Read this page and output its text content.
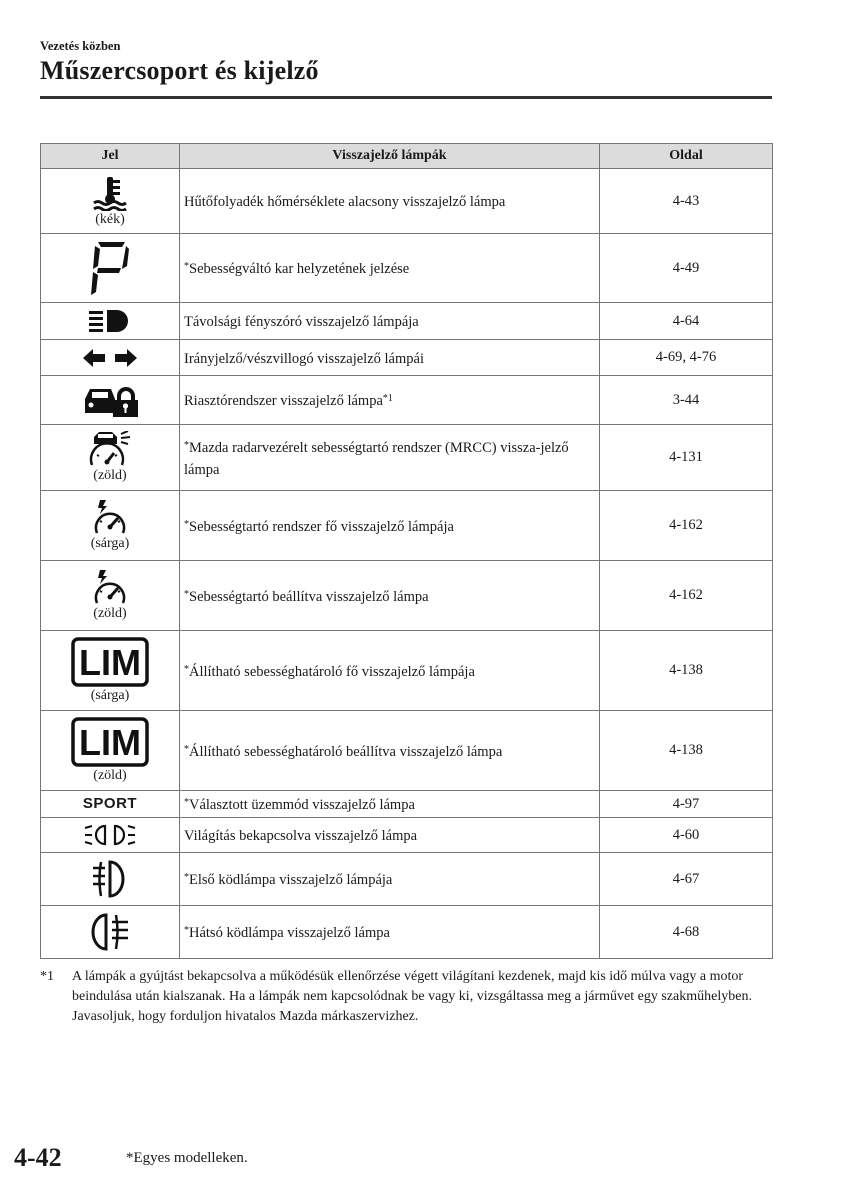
Vezetés közben
Műszercsoport és kijelző
Jel	Visszajelző lámpák	Oldal

(kék)	Hűtőfolyadék hőmérséklete alacsony visszajelző lámpa	4-43

	*Sebességváltó kar helyzetének jelzése	4-49

	Távolsági fényszóró visszajelző lámpája	4-64

	Irányjelző/vészvillogó visszajelző lámpái	4-69, 4-76

	Riasztórendszer visszajelző lámpa$^{*1}$	3-44

(zöld)	*Mazda radarvezérelt sebességtartó rendszer (MRCC) vissza-jelző lámpa	4-131

(sárga)	*Sebességtartó rendszer fő visszajelző lámpája	4-162

(zöld)	*Sebességtartó beállítva visszajelző lámpa	4-162

LIM
(sárga)	*Állítható sebességhatároló fő visszajelző lámpája	4-138

LIM
(zöld)	*Állítható sebességhatároló beállítva visszajelző lámpa	4-138
SPORT	*Választott üzemmód visszajelző lámpa	4-97

	Világítás bekapcsolva visszajelző lámpa	4-60

	*Első ködlámpa visszajelző lámpája	4-67

	*Hátsó ködlámpa visszajelző lámpa	4-68
*1 A lámpák a gyújtást bekapcsolva a működésük ellenőrzése végett világítani kezdenek, majd kis idő múlva vagy a motor beindulása után kialszanak. Ha a lámpák nem kapcsolódnak be vagy ki, vizsgáltassa meg a járművet egy szakműhelyben. Javasoljuk, hogy forduljon hivatalos Mazda márkaszervizhez.
4-42	*Egyes modelleken.
